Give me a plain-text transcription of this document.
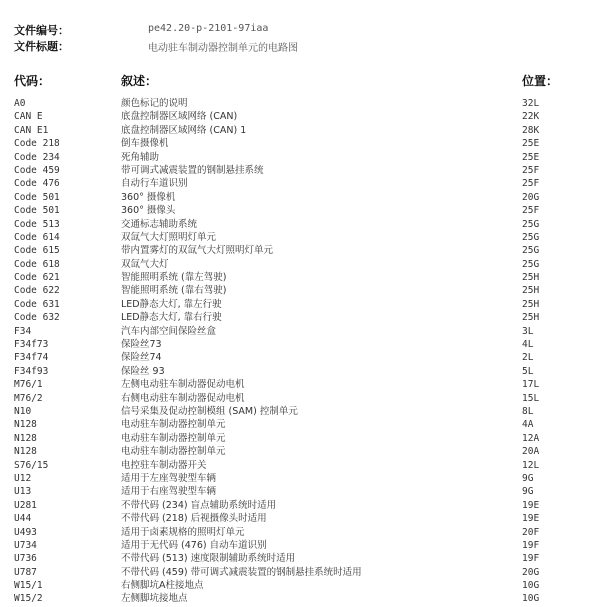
文件编号：	pe42.20-p-2101-97iaa
文件标题：	电动驻车制动器控制单元的电路图
代码：	叙述：	位置：
A0	颜色标记的说明	32L
CAN E	底盘控制器区域网络 (CAN)	22K
CAN E1	底盘控制器区域网络 (CAN) 1	28K
Code 218	倒车摄像机	25E
Code 234	死角辅助	25E
Code 459	带可调式减震装置的钢制悬挂系统	25F
Code 476	自动行车道识别	25F
Code 501	360° 摄像机	20G
Code 501	360° 摄像头	25F
Code 513	交通标志辅助系统	25G
Code 614	双氙气大灯照明灯单元	25G
Code 615	带内置雾灯的双氙气大灯照明灯单元	25G
Code 618	双氙气大灯	25G
Code 621	智能照明系统 (靠左驾驶)	25H
Code 622	智能照明系统 (靠右驾驶)	25H
Code 631	LED静态大灯, 靠左行驶	25H
Code 632	LED静态大灯, 靠右行驶	25H
F34	汽车内部空间保险丝盒	3L
F34f73	保险丝73	4L
F34f74	保险丝74	2L
F34f93	保险丝 93	5L
M76/1	左侧电动驻车制动器促动电机	17L
M76/2	右侧电动驻车制动器促动电机	15L
N10	信号采集及促动控制模组 (SAM) 控制单元	8L
N128	电动驻车制动器控制单元	4A
N128	电动驻车制动器控制单元	12A
N128	电动驻车制动器控制单元	20A
S76/15	电控驻车制动器开关	12L
U12	适用于左座驾驶型车辆	9G
U13	适用于右座驾驶型车辆	9G
U281	不带代码 (234) 盲点辅助系统时适用	19E
U44	不带代码 (218) 后视摄像头时适用	19E
U493	适用于卤素规格的照明灯单元	20F
U734	适用于无代码 (476) 自动车道识别	19F
U736	不带代码 (513) 速度限制辅助系统时适用	19F
U787	不带代码 (459) 带可调式减震装置的钢制悬挂系统时适用	20G
W15/1	右侧脚坑A柱接地点	10G
W15/2	左侧脚坑接地点	10G
